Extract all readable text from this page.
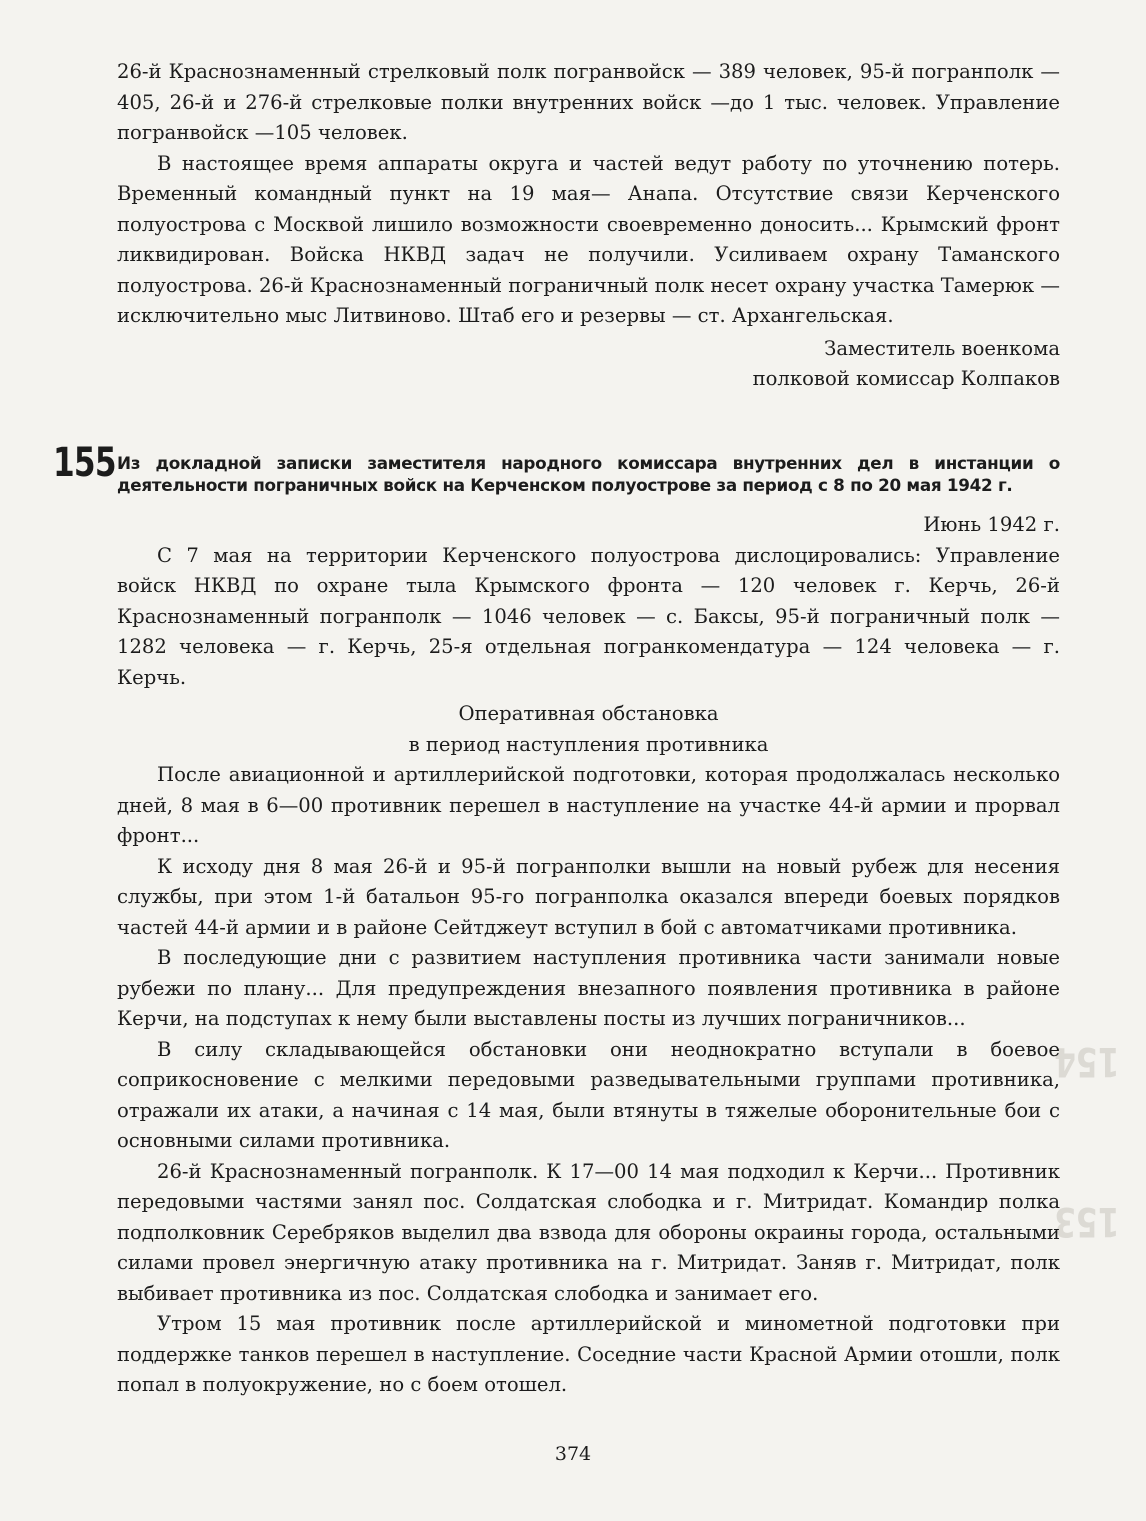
154
153

26-й Краснознаменный стрелковый полк погранвойск — 389 человек, 95-й погранполк — 405, 26-й и 276-й стрелковые полки внутренних войск —до 1 тыс. человек. Управление погранвойск —105 человек.

В настоящее время аппараты округа и частей ведут работу по уточнению потерь. Временный командный пункт на 19 мая— Анапа. Отсутствие связи Керченского полуострова с Москвой лишило возможности своевременно доносить... Крымский фронт ликвидирован. Войска НКВД задач не получили. Усиливаем охрану Таманского полуострова. 26-й Краснознаменный пограничный полк несет охрану участка Тамерюк —исключительно мыс Литвиново. Штаб его и резервы — ст. Архангельская.

Заместитель военкома

полковой комиссар Колпаков

155 Из докладной записки заместителя народного комиссара внутренних дел в инстанции о деятельности пограничных войск на Керченском полуострове за период с 8 по 20 мая 1942 г.

Июнь 1942 г.

С 7 мая на территории Керченского полуострова дислоцировались: Управление войск НКВД по охране тыла Крымского фронта — 120 человек г. Керчь, 26-й Краснознаменный погранполк — 1046 человек — с. Баксы, 95-й пограничный полк — 1282 человека — г. Керчь, 25-я отдельная погранкомендатура — 124 человека — г. Керчь.

Оперативная обстановка

в период наступления противника

После авиационной и артиллерийской подготовки, которая продолжалась несколько дней, 8 мая в 6—00 противник перешел в наступление на участке 44-й армии и прорвал фронт...

К исходу дня 8 мая 26-й и 95-й погранполки вышли на новый рубеж для несения службы, при этом 1-й батальон 95-го погранполка оказался впереди боевых порядков частей 44-й армии и в районе Сейтджеут вступил в бой с автоматчиками противника.

В последующие дни с развитием наступления противника части занимали новые рубежи по плану... Для предупреждения внезапного появления противника в районе Керчи, на подступах к нему были выставлены посты из лучших пограничников...

В силу складывающейся обстановки они неоднократно вступали в боевое соприкосновение с мелкими передовыми разведывательными группами противника, отражали их атаки, а начиная с 14 мая, были втянуты в тяжелые оборонительные бои с основными силами противника.

26-й Краснознаменный погранполк. К 17—00 14 мая подходил к Керчи... Противник передовыми частями занял пос. Солдатская слободка и г. Митридат. Командир полка подполковник Серебряков выделил два взвода для обороны окраины города, остальными силами провел энергичную атаку противника на г. Митридат. Заняв г. Митридат, полк выбивает противника из пос. Солдатская слободка и занимает его.

Утром 15 мая противник после артиллерийской и минометной подготовки при поддержке танков перешел в наступление. Соседние части Красной Армии отошли, полк попал в полуокружение, но с боем отошел.

374
